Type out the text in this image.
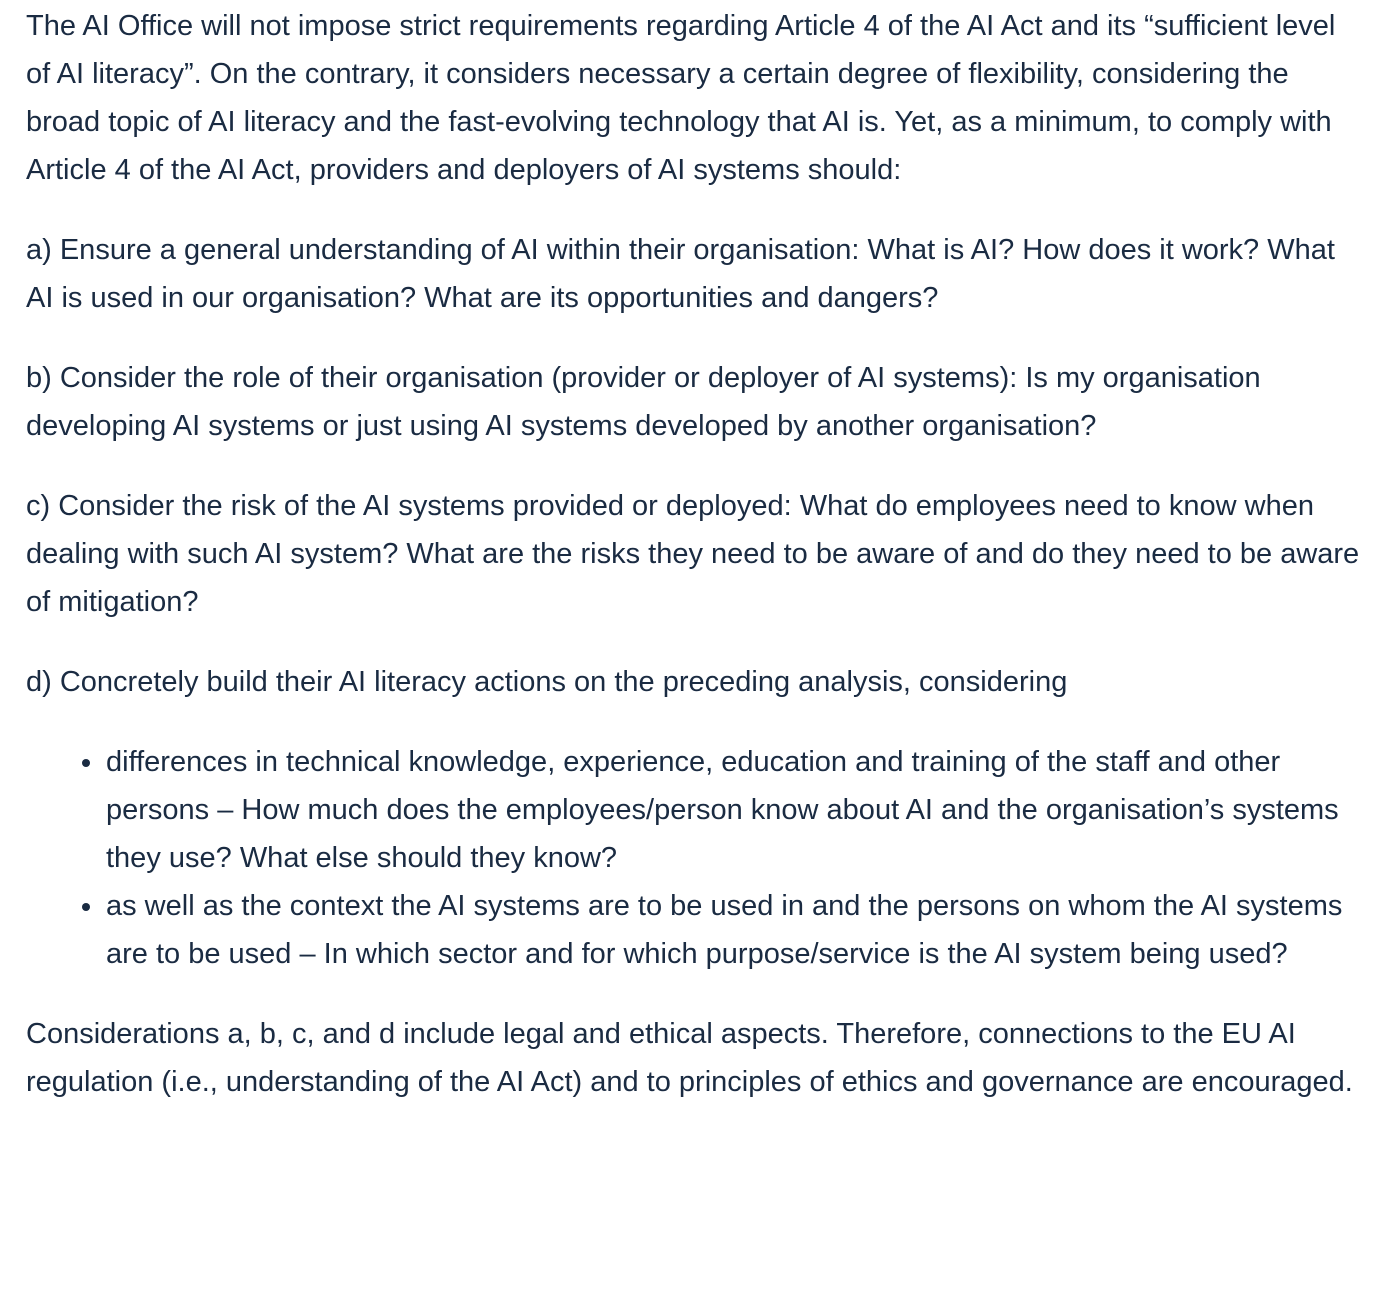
The AI Office will not impose strict requirements regarding Article 4 of the AI Act and its “sufficient level of AI literacy”. On the contrary, it considers necessary a certain degree of flexibility, considering the broad topic of AI literacy and the fast-evolving technology that AI is. Yet, as a minimum, to comply with Article 4 of the AI Act, providers and deployers of AI systems should:

a) Ensure a general understanding of AI within their organisation: What is AI? How does it work? What AI is used in our organisation? What are its opportunities and dangers?

b) Consider the role of their organisation (provider or deployer of AI systems): Is my organisation developing AI systems or just using AI systems developed by another organisation?

c) Consider the risk of the AI systems provided or deployed: What do employees need to know when dealing with such AI system? What are the risks they need to be aware of and do they need to be aware of mitigation?

d) Concretely build their AI literacy actions on the preceding analysis, considering

differences in technical knowledge, experience, education and training of the staff and other persons – How much does the employees/person know about AI and the organisation’s systems they use? What else should they know?
as well as the context the AI systems are to be used in and the persons on whom the AI systems are to be used – In which sector and for which purpose/service is the AI system being used?

Considerations a, b, c, and d include legal and ethical aspects. Therefore, connections to the EU AI regulation (i.e., understanding of the AI Act) and to principles of ethics and governance are encouraged.
